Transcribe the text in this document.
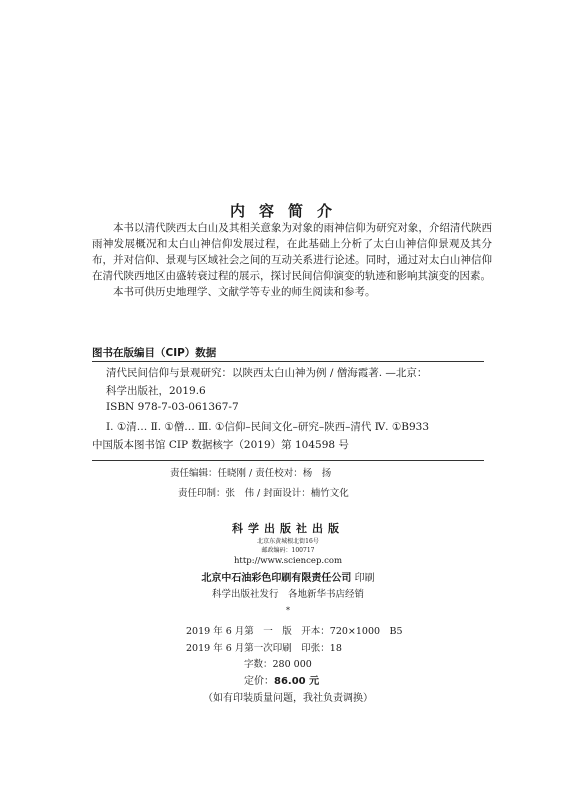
内容简介

本书以清代陕西太白山及其相关意象为对象的雨神信仰为研究对象，介绍清代陕西雨神发展概况和太白山神信仰发展过程，在此基础上分析了太白山神信仰景观及其分布，并对信仰、景观与区域社会之间的互动关系进行论述。同时，通过对太白山神信仰在清代陕西地区由盛转衰过程的展示，探讨民间信仰演变的轨迹和影响其演变的因素。

本书可供历史地理学、文献学等专业的师生阅读和参考。

图书在版编目（CIP）数据
清代民间信仰与景观研究：以陕西太白山神为例 / 僧海霞著. —北京：
科学出版社，2019.6
ISBN 978-7-03-061367-7
Ⅰ. ①清… Ⅱ. ①僧… Ⅲ. ①信仰–民间文化–研究–陕西–清代 Ⅳ. ①B933
中国版本图书馆 CIP 数据核字（2019）第 104598 号
责任编辑：任晓刚 / 责任校对：杨　扬
责任印制：张　伟 / 封面设计：楠竹文化
科学出版社出版
北京东黄城根北街16号
邮政编码：100717
http://www.sciencep.com
北京中石油彩色印刷有限责任公司 印刷
科学出版社发行　各地新华书店经销
*
2019 年 6 月第　一　版　开本：720×1000　B5
2019 年 6 月第一次印刷　印张：18
字数：280 000
定价：86.00 元
（如有印装质量问题，我社负责调换）
